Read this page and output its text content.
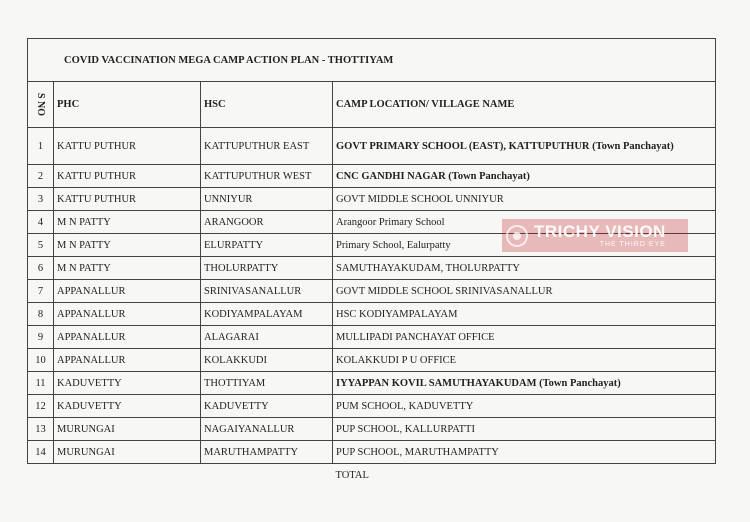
COVID VACCINATION MEGA CAMP ACTION PLAN - THOTTIYAM			
S NO	PHC	HSC	CAMP LOCATION/ VILLAGE NAME
1	KATTU PUTHUR	KATTUPUTHUR EAST	GOVT PRIMARY SCHOOL (EAST), KATTUPUTHUR (Town Panchayat)
2	KATTU PUTHUR	KATTUPUTHUR WEST	CNC GANDHI NAGAR (Town Panchayat)
3	KATTU PUTHUR	UNNIYUR	GOVT MIDDLE SCHOOL UNNIYUR
4	M N PATTY	ARANGOOR	Arangoor Primary School
5	M N PATTY	ELURPATTY	Primary School, Ealurpatty
6	M N PATTY	THOLURPATTY	SAMUTHAYAKUDAM, THOLURPATTY
7	APPANALLUR	SRINIVASANALLUR	GOVT MIDDLE SCHOOL SRINIVASANALLUR
8	APPANALLUR	KODIYAMPALAYAM	HSC KODIYAMPALAYAM
9	APPANALLUR	ALAGARAI	MULLIPADI PANCHAYAT OFFICE
10	APPANALLUR	KOLAKKUDI	KOLAKKUDI P U OFFICE
11	KADUVETTY	THOTTIYAM	IYYAPPAN KOVIL SAMUTHAYAKUDAM (Town Panchayat)
12	KADUVETTY	KADUVETTY	PUM SCHOOL, KADUVETTY
13	MURUNGAI	NAGAIYANALLUR	PUP SCHOOL, KALLURPATTI
14	MURUNGAI	MARUTHAMPATTY	PUP SCHOOL, MARUTHAMPATTY
			TOTAL
TRICHY VISION
THE THIRD EYE
